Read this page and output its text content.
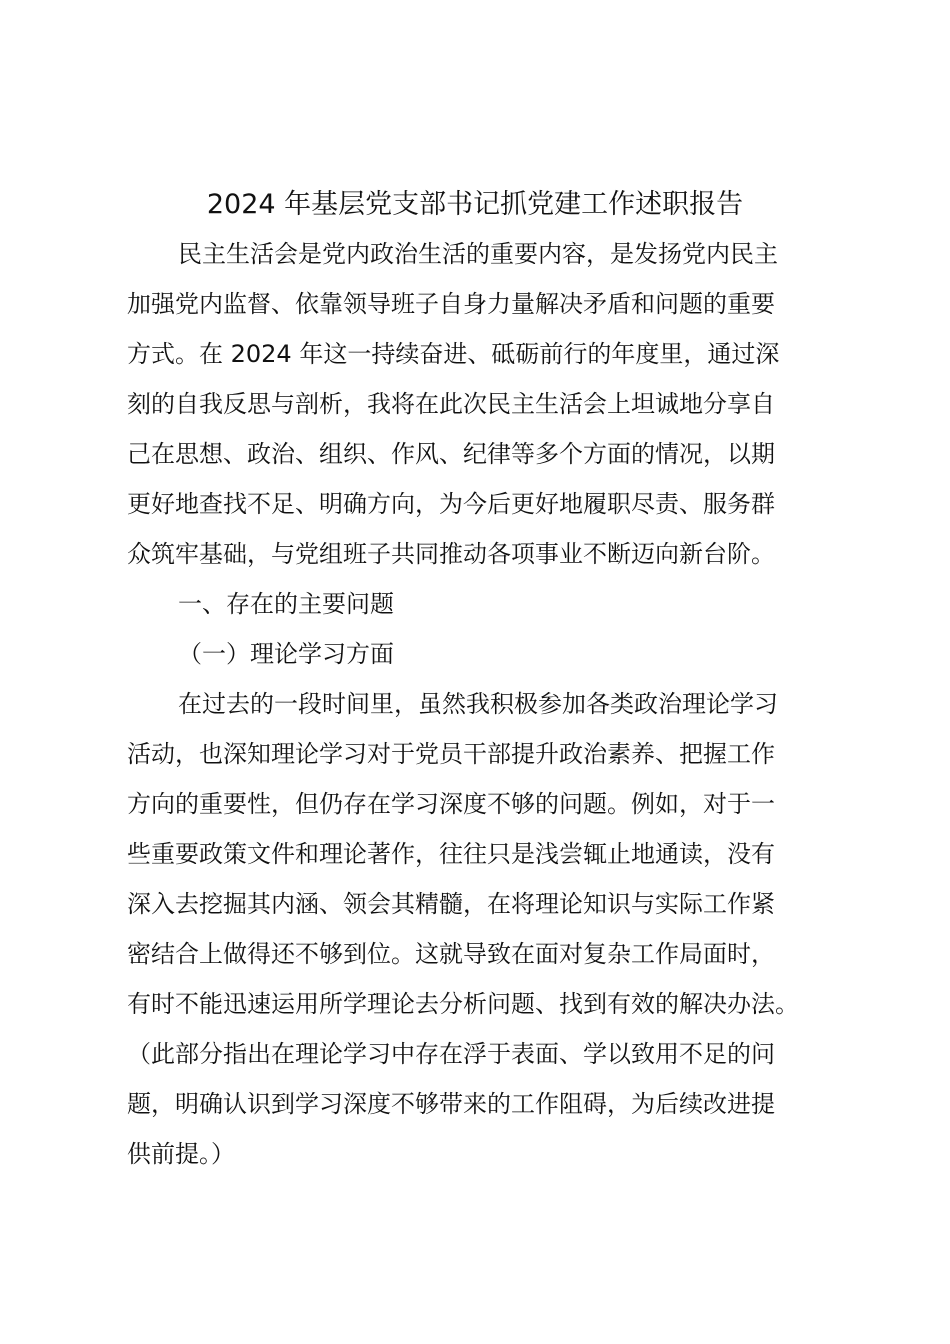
2024 年基层党支部书记抓党建工作述职报告

民主生活会是党内政治生活的重要内容，是发扬党内民主

加强党内监督、依靠领导班子自身力量解决矛盾和问题的重要

方式。在 2024 年这一持续奋进、砥砺前行的年度里，通过深

刻的自我反思与剖析，我将在此次民主生活会上坦诚地分享自

己在思想、政治、组织、作风、纪律等多个方面的情况，以期

更好地查找不足、明确方向，为今后更好地履职尽责、服务群

众筑牢基础，与党组班子共同推动各项事业不断迈向新台阶。

一、存在的主要问题

（一）理论学习方面

在过去的一段时间里，虽然我积极参加各类政治理论学习

活动，也深知理论学习对于党员干部提升政治素养、把握工作

方向的重要性，但仍存在学习深度不够的问题。例如，对于一

些重要政策文件和理论著作，往往只是浅尝辄止地通读，没有

深入去挖掘其内涵、领会其精髓，在将理论知识与实际工作紧

密结合上做得还不够到位。这就导致在面对复杂工作局面时，

有时不能迅速运用所学理论去分析问题、找到有效的解决办法。

（此部分指出在理论学习中存在浮于表面、学以致用不足的问

题，明确认识到学习深度不够带来的工作阻碍，为后续改进提

供前提。）
